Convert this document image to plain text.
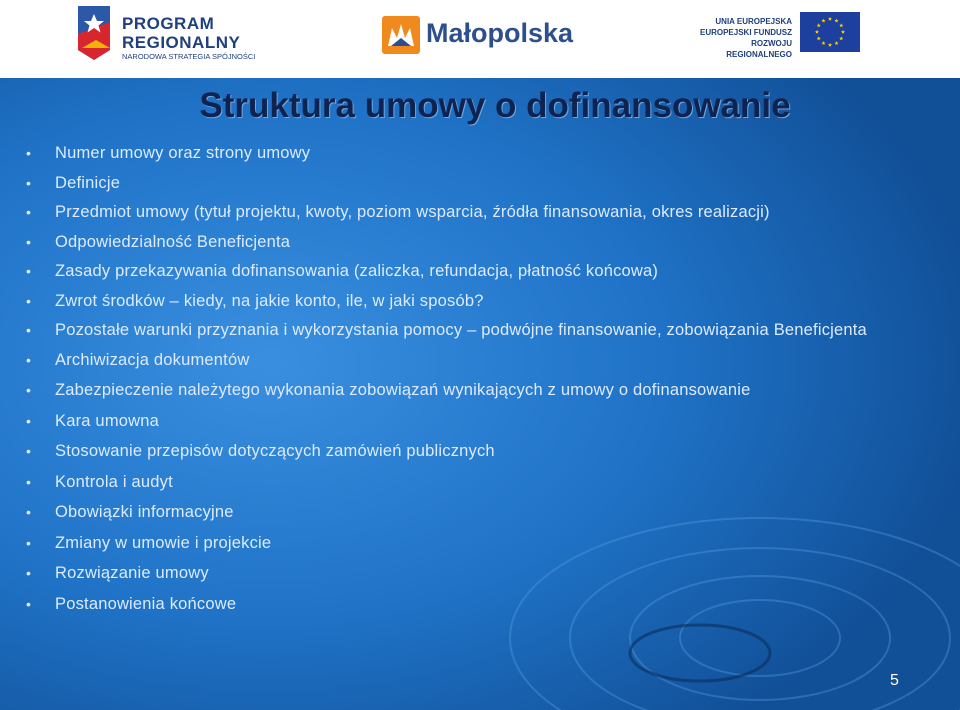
PROGRAM
REGIONALNY
NARODOWA STRATEGIA SPÓJNOŚCI
Małopolska	UNIA EUROPEJSKA
EUROPEJSKI FUNDUSZ
ROZWOJU REGIONALNEGO
Struktura umowy o dofinansowanie
• Numer umowy oraz strony umowy
• Definicje
• Przedmiot umowy (tytuł projektu, kwoty, poziom wsparcia, źródła finansowania, okres realizacji)
• Odpowiedzialność Beneficjenta
• Zasady przekazywania dofinansowania (zaliczka, refundacja, płatność końcowa)
• Zwrot środków – kiedy, na jakie konto, ile, w jaki sposób?
• Pozostałe warunki przyznania i wykorzystania pomocy – podwójne finansowanie, zobowiązania Beneficjenta
• Archiwizacja dokumentów
• Zabezpieczenie należytego wykonania zobowiązań wynikających z umowy o dofinansowanie
• Kara umowna
• Stosowanie przepisów dotyczących zamówień publicznych
• Kontrola i audyt
• Obowiązki informacyjne
• Zmiany w umowie i projekcie
• Rozwiązanie umowy
• Postanowienia końcowe
5
